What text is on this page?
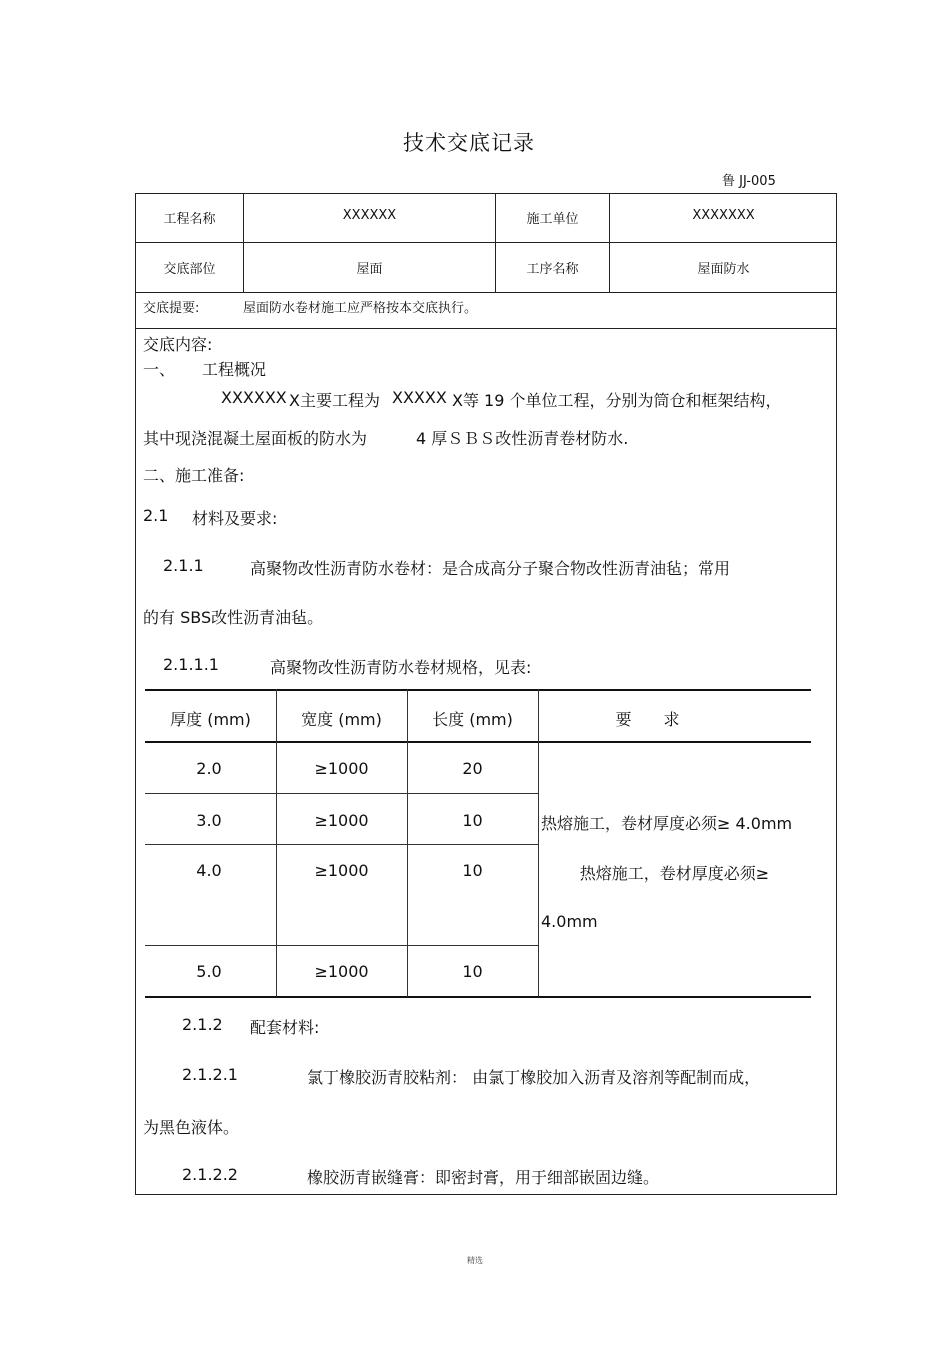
技术交底记录
鲁 JJ-005
工程名称	XXXXXX	施工单位	XXXXXXX
交底部位	屋面	工序名称	屋面防水
交底提要:	屋面防水卷材施工应严格按本交底执行。
交底内容:
一、 工程概况
XXXXXX X主要工程为 XXXXX X等 19 个单位工程，分别为筒仓和框架结构，
其中现浇混凝土屋面板的防水为	4 厚ＳＢＳ改性沥青卷材防水.
二、施工准备:
2.1 材料及要求:
2.1.1	高聚物改性沥青防水卷材：是合成高分子聚合物改性沥青油毡；常用
的有 SBS改性沥青油毡。
2.1.1.1	高聚物改性沥青防水卷材规格，见表:
厚度 (mm)	宽度 (mm)	长度 (mm)	要　　求
2.0	≥1000	20
3.0	≥1000	10
4.0	≥1000	10
5.0	≥1000	10
热熔施工，卷材厚度必须≥ 4.0mm
热熔施工，卷材厚度必须≥
4.0mm
2.1.2 配套材料:
2.1.2.1	氯丁橡胶沥青胶粘剂： 由氯丁橡胶加入沥青及溶剂等配制而成，
为黑色液体。
2.1.2.2	橡胶沥青嵌缝膏：即密封膏，用于细部嵌固边缝。
精选
